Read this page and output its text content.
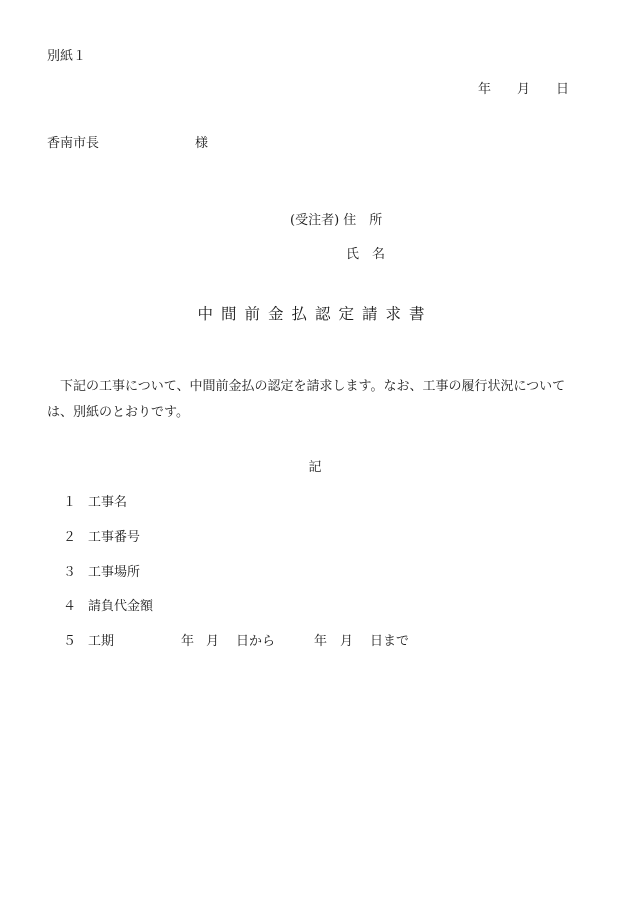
別紙１
年 月 日
香南市長	様
(受注者) 住　所
氏　名
中間前金払認定請求書
下記の工事について、中間前金払の認定を請求します。なお、工事の履行状況については、別紙のとおりです。
記
１ 工事名
２ 工事番号
３ 工事場所
４ 請負代金額
５ 工期	年 月 日から	年 月 日まで
